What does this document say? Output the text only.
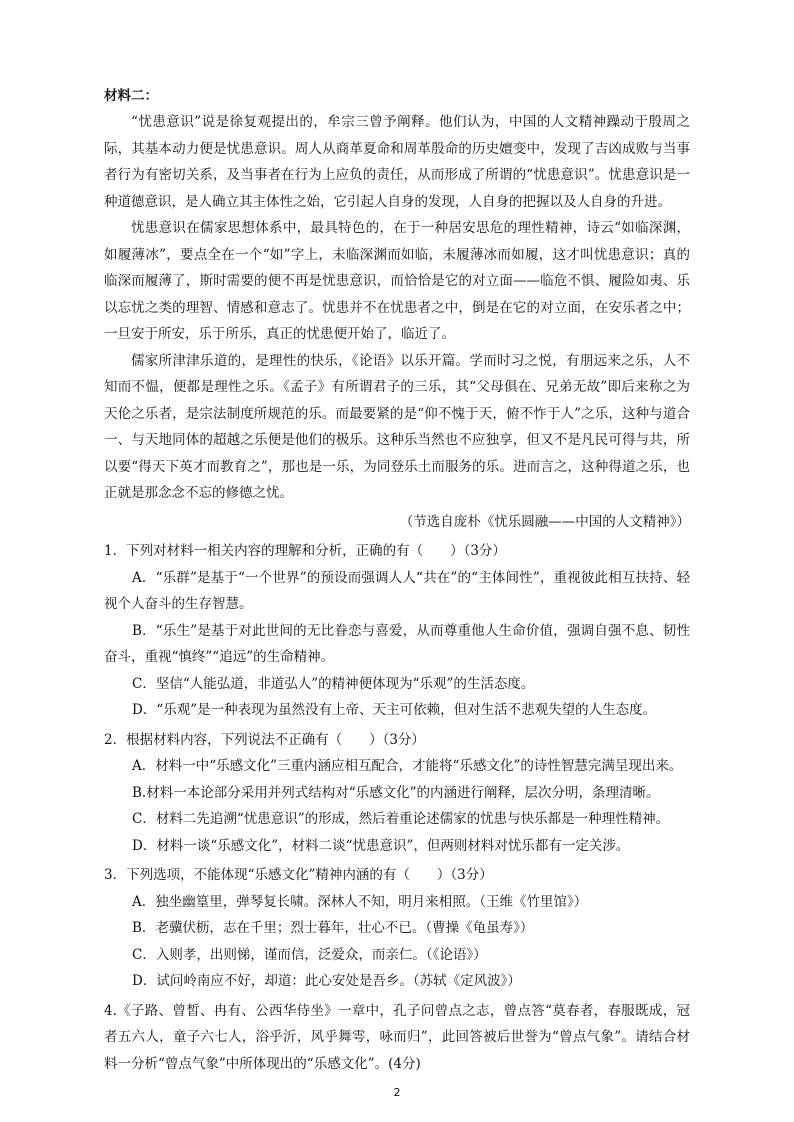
材料二：

“忧患意识”说是徐复观提出的，牟宗三曾予阐释。他们认为，中国的人文精神躁动于殷周之际，其基本动力便是忧患意识。周人从商革夏命和周革殷命的历史嬗变中，发现了吉凶成败与当事者行为有密切关系，及当事者在行为上应负的责任，从而形成了所谓的“忧患意识”。忧患意识是一种道德意识，是人确立其主体性之始，它引起人自身的发现，人自身的把握以及人自身的升进。

忧患意识在儒家思想体系中，最具特色的，在于一种居安思危的理性精神，诗云“如临深渊，如履薄冰”，要点全在一个“如”字上，未临深渊而如临，未履薄冰而如履，这才叫忧患意识；真的临深而履薄了，斯时需要的便不再是忧患意识，而恰恰是它的对立面——临危不惧、履险如夷、乐以忘忧之类的理智、情感和意志了。忧患并不在忧患者之中，倒是在它的对立面，在安乐者之中；一旦安于所安，乐于所乐，真正的忧患便开始了，临近了。

儒家所津津乐道的，是理性的快乐，《论语》以乐开篇。学而时习之悦，有朋远来之乐，人不知而不愠，便都是理性之乐。《孟子》有所谓君子的三乐，其“父母俱在、兄弟无故”即后来称之为天伦之乐者，是宗法制度所规范的乐。而最要紧的是“仰不愧于天，俯不怍于人”之乐，这种与道合一、与天地同体的超越之乐便是他们的极乐。这种乐当然也不应独享，但又不是凡民可得与共，所以要“得天下英才而教育之”，那也是一乐，为同登乐土而服务的乐。进而言之，这种得道之乐，也正就是那念念不忘的修德之忧。

（节选自庞朴《忧乐圆融——中国的人文精神》）

1．下列对材料一相关内容的理解和分析，正确的有（　　）（3分）

A．“乐群”是基于“一个世界”的预设而强调人人“共在”的“主体间性”，重视彼此相互扶持、轻视个人奋斗的生存智慧。

B．“乐生”是基于对此世间的无比眷恋与喜爱，从而尊重他人生命价值，强调自强不息、韧性奋斗，重视“慎终”“追远”的生命精神。

C．坚信“人能弘道，非道弘人”的精神便体现为“乐观”的生活态度。

D．“乐观”是一种表现为虽然没有上帝、天主可依赖，但对生活不悲观失望的人生态度。

2．根据材料内容，下列说法不正确有（　　）（3分）

A．材料一中“乐感文化”三重内涵应相互配合，才能将“乐感文化”的诗性智慧完满呈现出来。

B.材料一本论部分采用并列式结构对“乐感文化”的内涵进行阐释，层次分明，条理清晰。

C．材料二先追溯“忧患意识”的形成，然后着重论述儒家的忧患与快乐都是一种理性精神。

D．材料一谈“乐感文化”，材料二谈“忧患意识”，但两则材料对忧乐都有一定关涉。

3．下列选项，不能体现“乐感文化”精神内涵的有（　　）（3分）

A．独坐幽篁里，弹琴复长啸。深林人不知，明月来相照。（王维《竹里馆》）

B．老骥伏枥，志在千里；烈士暮年，壮心不已。（曹操《龟虽寿》）

C．入则孝，出则悌，谨而信，泛爱众，而亲仁。（《论语》）

D．试问岭南应不好，却道：此心安处是吾乡。（苏轼《定风波》）

4.《子路、曾皙、冉有、公西华侍坐》一章中，孔子问曾点之志，曾点答“莫春者，春服既成，冠者五六人，童子六七人，浴乎沂，风乎舞雩，咏而归”，此回答被后世誉为“曾点气象”。请结合材料一分析“曾点气象”中所体现出的“乐感文化”。(4分)

2
